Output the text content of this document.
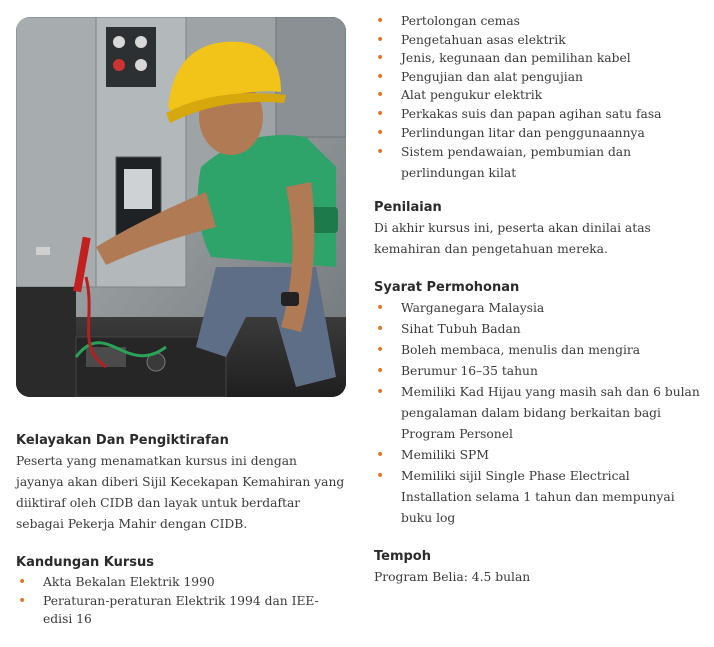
Kelayakan Dan Pengiktirafan

Peserta yang menamatkan kursus ini dengan jayanya akan diberi Sijil Kecekapan Kemahiran yang diiktiraf oleh CIDB dan layak untuk berdaftar sebagai Pekerja Mahir dengan CIDB.

Kandungan Kursus
• Akta Bekalan Elektrik 1990
• Peraturan-peraturan Elektrik 1994 dan IEE-edisi 16
• Pertolongan cemas
• Pengetahuan asas elektrik
• Jenis, kegunaan dan pemilihan kabel
• Pengujian dan alat pengujian
• Alat pengukur elektrik
• Perkakas suis dan papan agihan satu fasa
• Perlindungan litar dan penggunaannya
• Sistem pendawaian, pembumian dan perlindungan kilat
Penilaian

Di akhir kursus ini, peserta akan dinilai atas kemahiran dan pengetahuan mereka.

Syarat Permohonan
• Warganegara Malaysia
• Sihat Tubuh Badan
• Boleh membaca, menulis dan mengira
• Berumur 16–35 tahun
• Memiliki Kad Hijau yang masih sah dan 6 bulan pengalaman dalam bidang berkaitan bagi Program Personel
• Memiliki SPM
• Memiliki sijil Single Phase Electrical Installation selama 1 tahun dan mempunyai buku log
Tempoh

Program Belia: 4.5 bulan
